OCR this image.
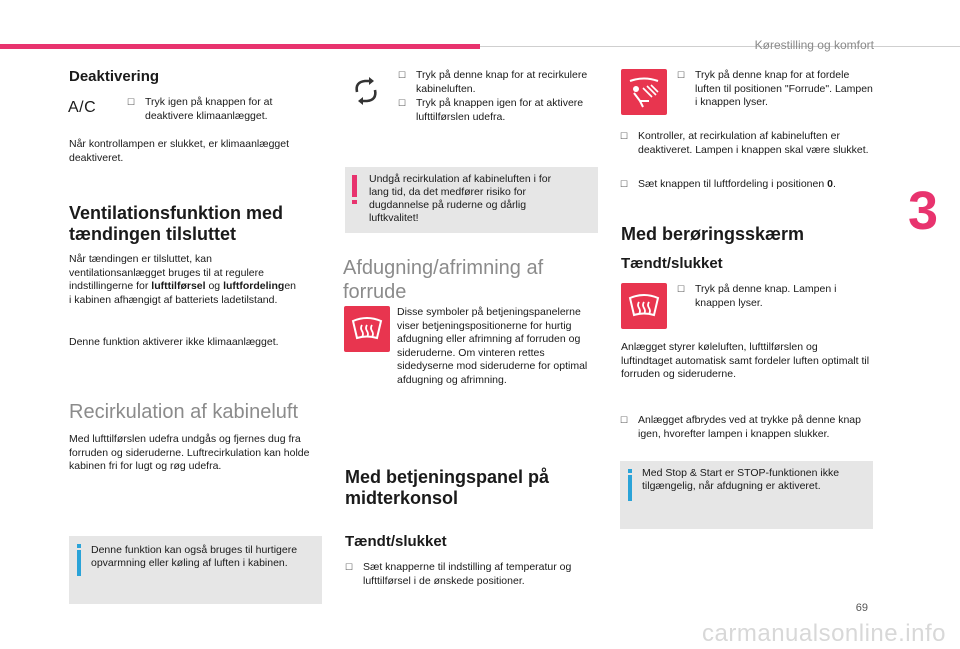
Kørestilling og komfort
3
69
carmanualsonline.info
Deaktivering
A/C	☐ Tryk igen på knappen for at deaktivere klimaanlægget.
Når kontrollampen er slukket, er klimaanlægget deaktiveret.
Ventilationsfunktion med tændingen tilsluttet
Når tændingen er tilsluttet, kan ventilationsanlægget bruges til at regulere indstillingerne for lufttilførsel og luftfordelingen i kabinen afhængigt af batteriets ladetilstand.
Denne funktion aktiverer ikke klimaanlægget.
Recirkulation af kabineluft
Med lufttilførslen udefra undgås og fjernes dug fra forruden og sideruderne. Luftrecirkulation kan holde kabinen fri for lugt og røg udefra.
Denne funktion kan også bruges til hurtigere opvarmning eller køling af luften i kabinen.
☐ Tryk på denne knap for at recirkulere kabineluften.
☐ Tryk på knappen igen for at aktivere lufttilførslen udefra.
Undgå recirkulation af kabineluften i for lang tid, da det medfører risiko for dugdannelse på ruderne og dårlig luftkvalitet!
Afdugning/afrimning af forrude
Disse symboler på betjeningspanelerne viser betjeningspositionerne for hurtig afdugning eller afrimning af forruden og sideruderne. Om vinteren rettes sidedyserne mod sideruderne for optimal afdugning og afrimning.
Med betjeningspanel på midterkonsol
Tændt/slukket
☐ Sæt knapperne til indstilling af temperatur og lufttilførsel i de ønskede positioner.
☐ Tryk på denne knap for at fordele luften til positionen "Forrude". Lampen i knappen lyser.
☐ Kontroller, at recirkulation af kabineluften er deaktiveret. Lampen i knappen skal være slukket.
☐ Sæt knappen til luftfordeling i positionen 0.
Med berøringsskærm
Tændt/slukket
☐ Tryk på denne knap. Lampen i knappen lyser.
Anlægget styrer køleluften, lufttilførslen og luftindtaget automatisk samt fordeler luften optimalt til forruden og sideruderne.
☐ Anlægget afbrydes ved at trykke på denne knap igen, hvorefter lampen i knappen slukker.
Med Stop & Start er STOP-funktionen ikke tilgængelig, når afdugning er aktiveret.
